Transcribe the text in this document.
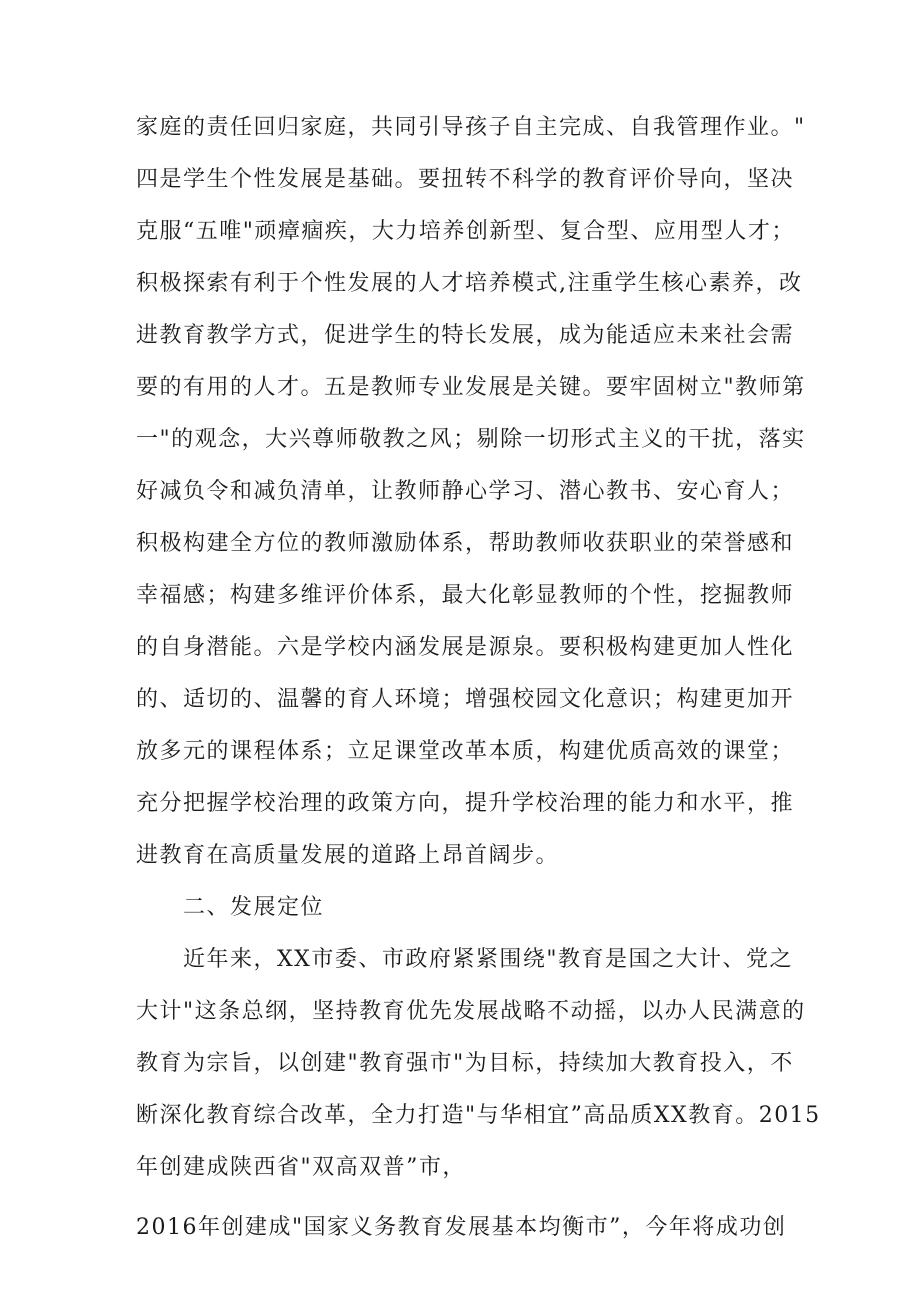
家庭的责任回归家庭，共同引导孩子自主完成、自我管理作业。"
四是学生个性发展是基础。要扭转不科学的教育评价导向，坚决
克服“五唯"顽瘴痼疾，大力培养创新型、复合型、应用型人才；
积极探索有利于个性发展的人才培养模式,注重学生核心素养，改
进教育教学方式，促进学生的特长发展，成为能适应未来社会需
要的有用的人才。五是教师专业发展是关键。要牢固树立"教师第
一"的观念，大兴尊师敬教之风；剔除一切形式主义的干扰，落实
好减负令和减负清单，让教师静心学习、潜心教书、安心育人；
积极构建全方位的教师激励体系，帮助教师收获职业的荣誉感和
幸福感；构建多维评价体系，最大化彰显教师的个性，挖掘教师
的自身潜能。六是学校内涵发展是源泉。要积极构建更加人性化
的、适切的、温馨的育人环境；增强校园文化意识；构建更加开
放多元的课程体系；立足课堂改革本质，构建优质高效的课堂；
充分把握学校治理的政策方向，提升学校治理的能力和水平，推
进教育在高质量发展的道路上昂首阔步。
二、发展定位
近年来，XX市委、市政府紧紧围绕"教育是国之大计、党之
大计"这条总纲，坚持教育优先发展战略不动摇，以办人民满意的
教育为宗旨，以创建"教育强市"为目标，持续加大教育投入，不
断深化教育综合改革，全力打造"与华相宜”高品质XX教育。2015
年创建成陕西省"双高双普”市，
2016年创建成"国家义务教育发展基本均衡市”，今年将成功创
